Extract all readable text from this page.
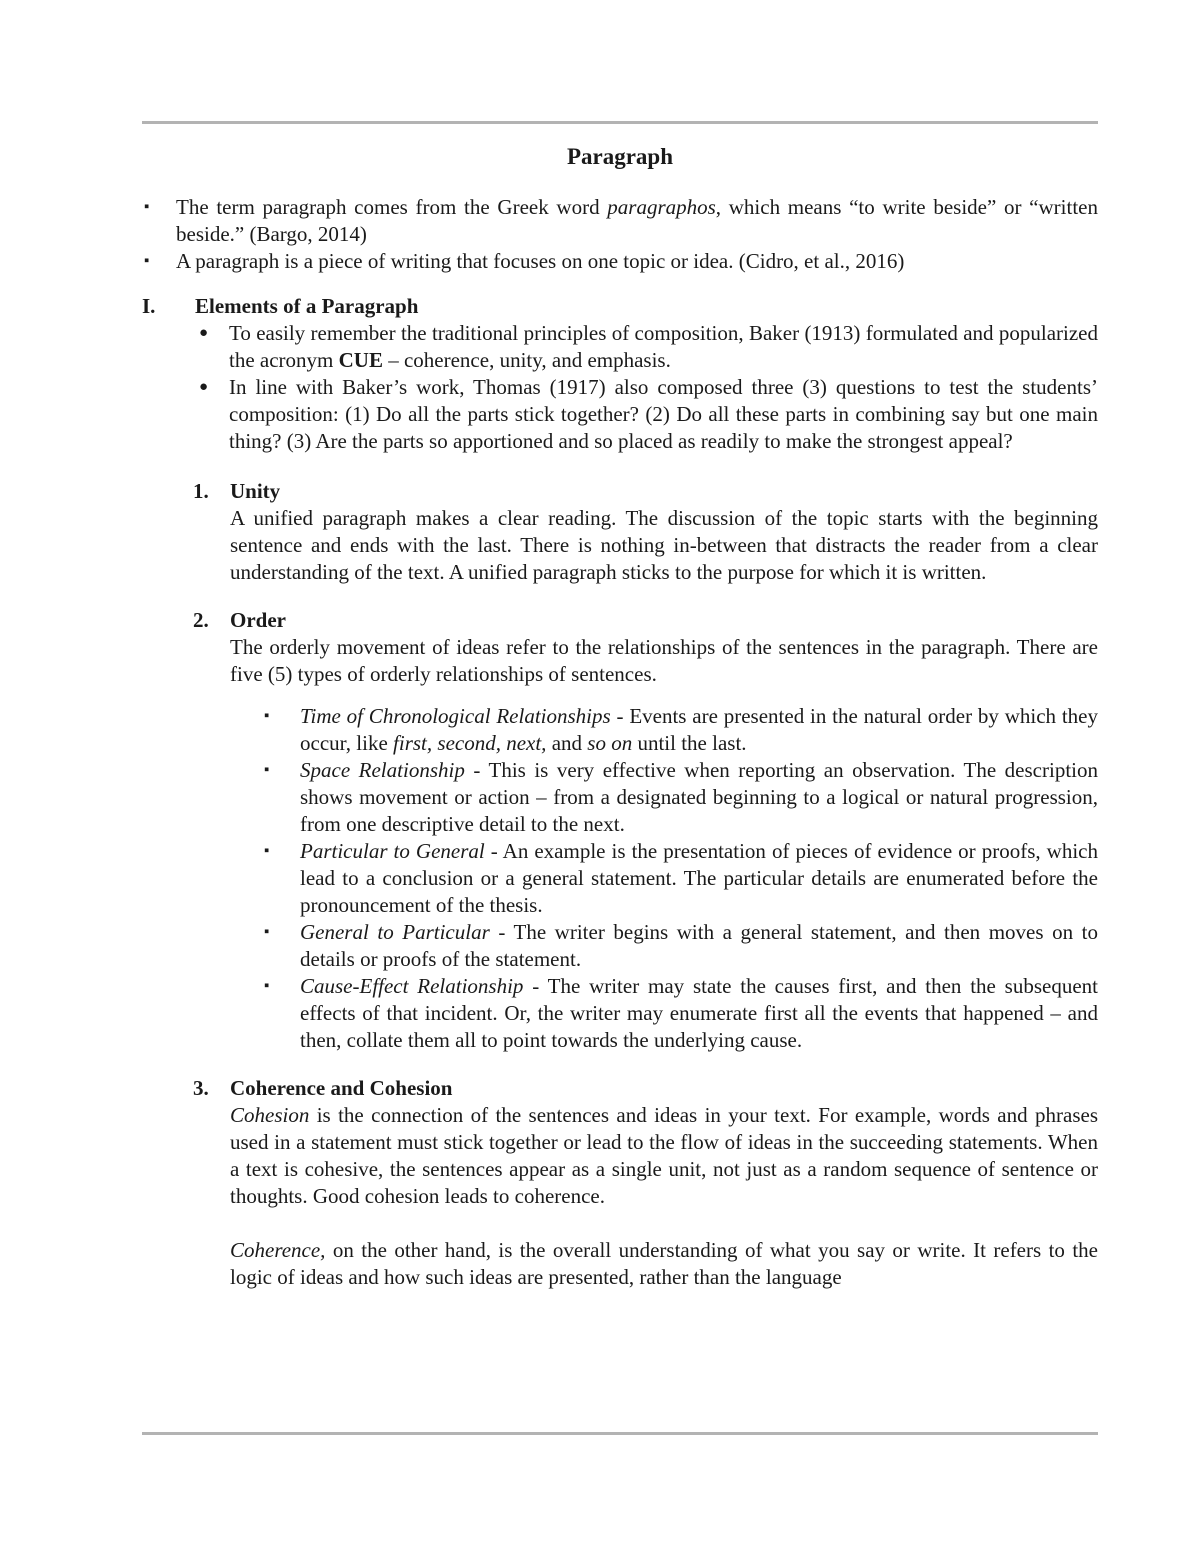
Paragraph
▪ The term paragraph comes from the Greek word paragraphos, which means “to write beside” or “written beside.” (Bargo, 2014)
▪ A paragraph is a piece of writing that focuses on one topic or idea. (Cidro, et al., 2016)
I. Elements of a Paragraph
● To easily remember the traditional principles of composition, Baker (1913) formulated and popularized the acronym CUE – coherence, unity, and emphasis.
● In line with Baker’s work, Thomas (1917) also composed three (3) questions to test the students’ composition: (1) Do all the parts stick together? (2) Do all these parts in combining say but one main thing? (3) Are the parts so apportioned and so placed as readily to make the strongest appeal?
1. Unity
A unified paragraph makes a clear reading. The discussion of the topic starts with the beginning sentence and ends with the last. There is nothing in-between that distracts the reader from a clear understanding of the text. A unified paragraph sticks to the purpose for which it is written.
2. Order
The orderly movement of ideas refer to the relationships of the sentences in the paragraph. There are five (5) types of orderly relationships of sentences.
▪ Time of Chronological Relationships - Events are presented in the natural order by which they occur, like first, second, next, and so on until the last.
▪ Space Relationship - This is very effective when reporting an observation. The description shows movement or action – from a designated beginning to a logical or natural progression, from one descriptive detail to the next.
▪ Particular to General - An example is the presentation of pieces of evidence or proofs, which lead to a conclusion or a general statement. The particular details are enumerated before the pronouncement of the thesis.
▪ General to Particular - The writer begins with a general statement, and then moves on to details or proofs of the statement.
▪ Cause-Effect Relationship - The writer may state the causes first, and then the subsequent effects of that incident. Or, the writer may enumerate first all the events that happened – and then, collate them all to point towards the underlying cause.
3. Coherence and Cohesion
Cohesion is the connection of the sentences and ideas in your text. For example, words and phrases used in a statement must stick together or lead to the flow of ideas in the succeeding statements. When a text is cohesive, the sentences appear as a single unit, not just as a random sequence of sentence or thoughts. Good cohesion leads to coherence.
Coherence, on the other hand, is the overall understanding of what you say or write. It refers to the logic of ideas and how such ideas are presented, rather than the language
